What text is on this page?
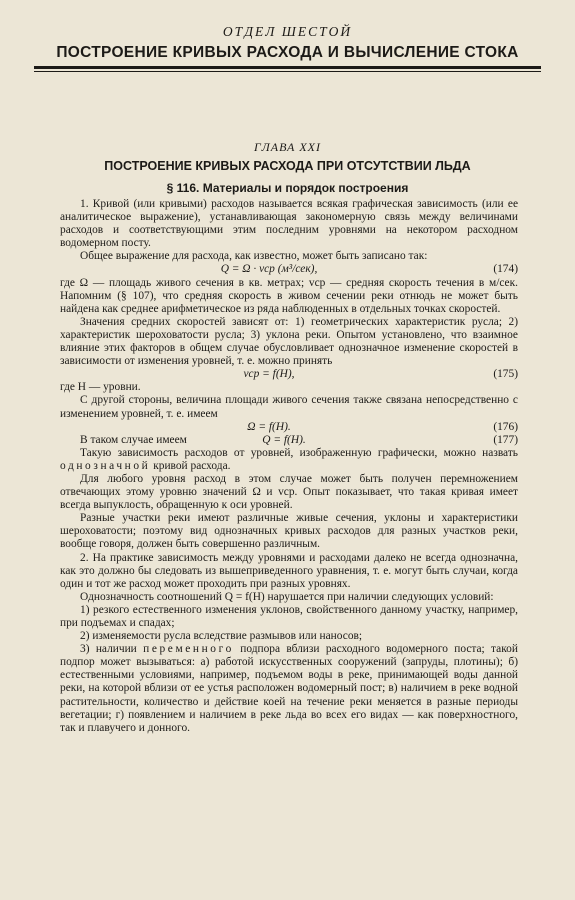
ОТДЕЛ ШЕСТОЙ
ПОСТРОЕНИЕ КРИВЫХ РАСХОДА И ВЫЧИСЛЕНИЕ СТОКА
ГЛАВА XXI
ПОСТРОЕНИЕ КРИВЫХ РАСХОДА ПРИ ОТСУТСТВИИ ЛЬДА
§ 116. Материалы и порядок построения

1. Кривой (или кривыми) расходов называется всякая графическая зависимость (или ее аналитическое выражение), устанавливающая закономерную связь между величинами расходов и соответствующими этим последним уровнями на некотором расходном водомерном посту.

Общее выражение для расхода, как известно, может быть записано так:

Q = Ω · vср (м³/сек),	(174)

где Ω — площадь живого сечения в кв. метрах; vср — средняя скорость течения в м/сек. Напомним (§ 107), что средняя скорость в живом сечении реки отнюдь не может быть найдена как среднее арифметическое из ряда наблюденных в отдельных точках скоростей.

Значения средних скоростей зависят от: 1) геометрических характеристик русла; 2) характеристик шероховатости русла; 3) уклона реки. Опытом установлено, что взаимное влияние этих факторов в общем случае обусловливает однозначное изменение скоростей в зависимости от изменения уровней, т. е. можно принять

vср = f(H),	(175)

где H — уровни.

С другой стороны, величина площади живого сечения также связана непосредственно с изменением уровней, т. е. имеем

Ω = f(H).	(176)
В таком случае имеем	Q = f(H).	(177)

Такую зависимость расходов от уровней, изображенную графически, можно назвать однозначной кривой расхода.

Для любого уровня расход в этом случае может быть получен перемножением отвечающих этому уровню значений Ω и vср. Опыт показывает, что такая кривая имеет всегда выпуклость, обращенную к оси уровней.

Разные участки реки имеют различные живые сечения, уклоны и характеристики шероховатости; поэтому вид однозначных кривых расходов для разных участков реки, вообще говоря, должен быть совершенно различным.

2. На практике зависимость между уровнями и расходами далеко не всегда однозначна, как это должно бы следовать из вышеприведенного уравнения, т. е. могут быть случаи, когда один и тот же расход может проходить при разных уровнях.

Однозначность соотношений Q = f(H) нарушается при наличии следующих условий:

1) резкого естественного изменения уклонов, свойственного данному участку, например, при подъемах и спадах;

2) изменяемости русла вследствие размывов или наносов;

3) наличии переменного подпора вблизи расходного водомерного поста; такой подпор может вызываться: а) работой искусственных сооружений (запруды, плотины); б) естественными условиями, например, подъемом воды в реке, принимающей воды данной реки, на которой вблизи от ее устья расположен водомерный пост; в) наличием в реке водной растительности, количество и действие коей на течение реки меняется в разные периоды вегетации; г) появлением и наличием в реке льда во всех его видах — как поверхностного, так и плавучего и донного.
